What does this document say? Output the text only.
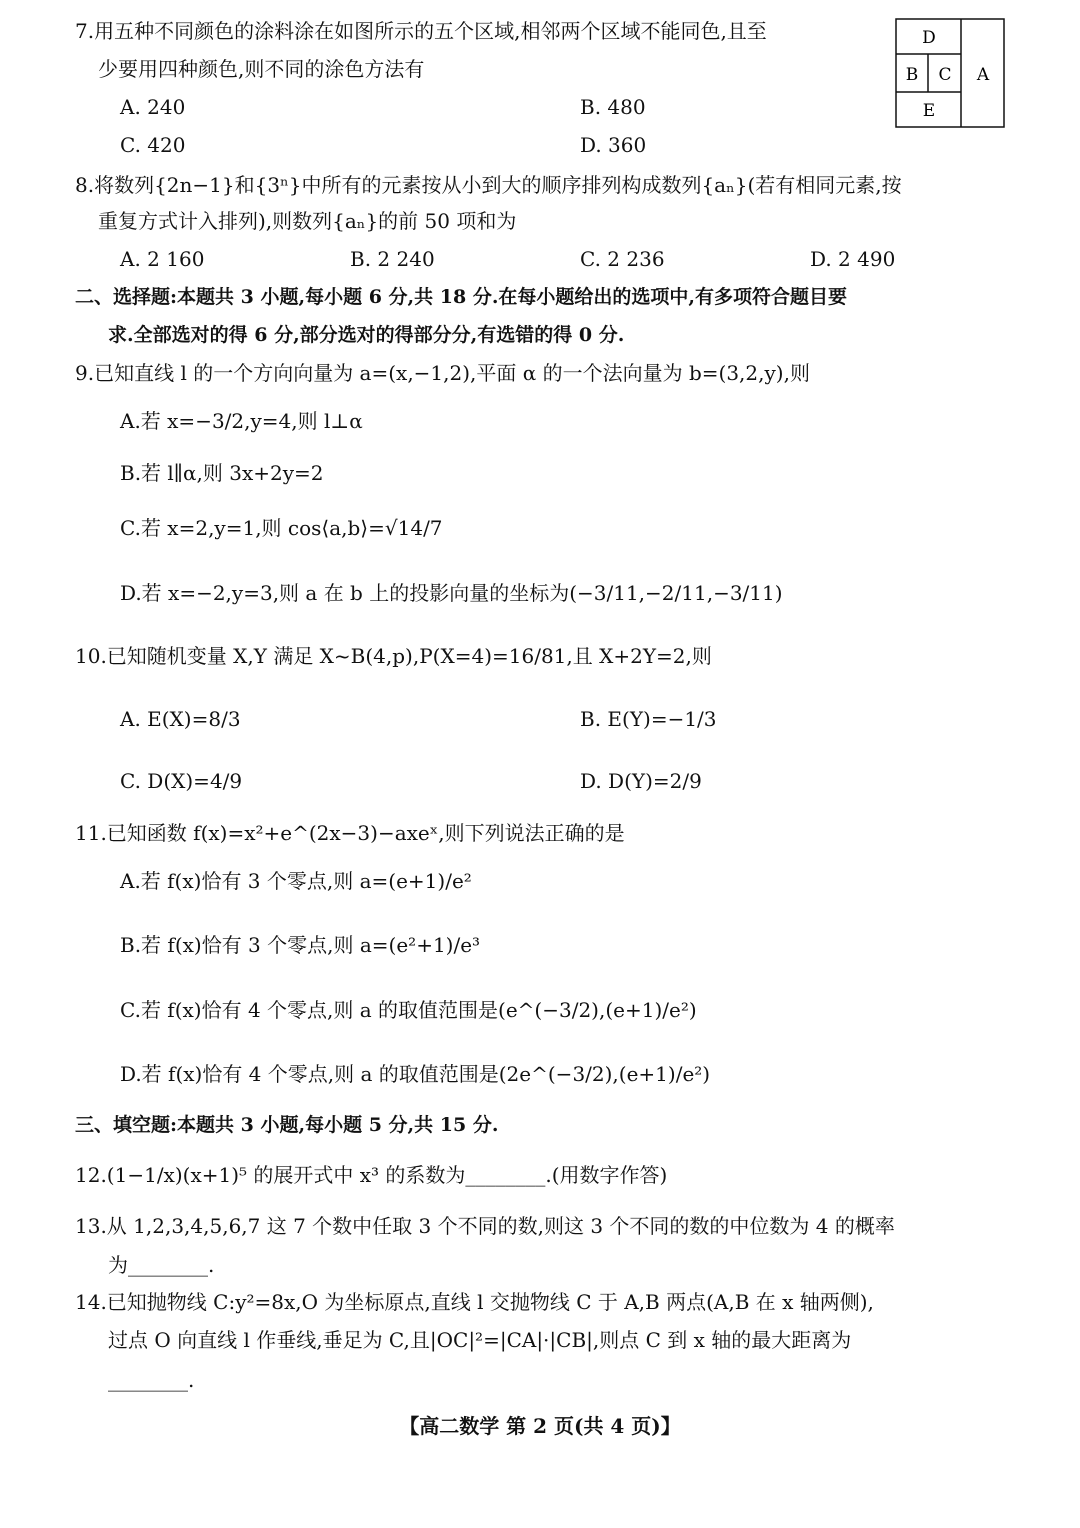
7.用五种不同颜色的涂料涂在如图所示的五个区域,相邻两个区域不能同色,且至
少要用四种颜色,则不同的涂色方法有
A. 240	B. 480
C. 420	D. 360
D
B C
E
A
8.将数列{2n−1}和{3ⁿ}中所有的元素按从小到大的顺序排列构成数列{aₙ}(若有相同元素,按
重复方式计入排列),则数列{aₙ}的前 50 项和为
A. 2 160	B. 2 240	C. 2 236	D. 2 490
二、选择题:本题共 3 小题,每小题 6 分,共 18 分.在每小题给出的选项中,有多项符合题目要
求.全部选对的得 6 分,部分选对的得部分分,有选错的得 0 分.
9.已知直线 l 的一个方向向量为 a=(x,−1,2),平面 α 的一个法向量为 b=(3,2,y),则
A.若 x=−3/2,y=4,则 l⊥α
B.若 l∥α,则 3x+2y=2
C.若 x=2,y=1,则 cos⟨a,b⟩=√14/7
D.若 x=−2,y=3,则 a 在 b 上的投影向量的坐标为(−3/11,−2/11,−3/11)
10.已知随机变量 X,Y 满足 X~B(4,p),P(X=4)=16/81,且 X+2Y=2,则
A. E(X)=8/3	B. E(Y)=−1/3
C. D(X)=4/9	D. D(Y)=2/9
11.已知函数 f(x)=x²+e^(2x−3)−axeˣ,则下列说法正确的是
A.若 f(x)恰有 3 个零点,则 a=(e+1)/e²
B.若 f(x)恰有 3 个零点,则 a=(e²+1)/e³
C.若 f(x)恰有 4 个零点,则 a 的取值范围是(e^(−3/2),(e+1)/e²)
D.若 f(x)恰有 4 个零点,则 a 的取值范围是(2e^(−3/2),(e+1)/e²)
三、填空题:本题共 3 小题,每小题 5 分,共 15 分.
12.(1−1/x)(x+1)⁵ 的展开式中 x³ 的系数为________.(用数字作答)
13.从 1,2,3,4,5,6,7 这 7 个数中任取 3 个不同的数,则这 3 个不同的数的中位数为 4 的概率
为________.
14.已知抛物线 C:y²=8x,O 为坐标原点,直线 l 交抛物线 C 于 A,B 两点(A,B 在 x 轴两侧),
过点 O 向直线 l 作垂线,垂足为 C,且|OC|²=|CA|·|CB|,则点 C 到 x 轴的最大距离为
________.
【高二数学 第 2 页(共 4 页)】
